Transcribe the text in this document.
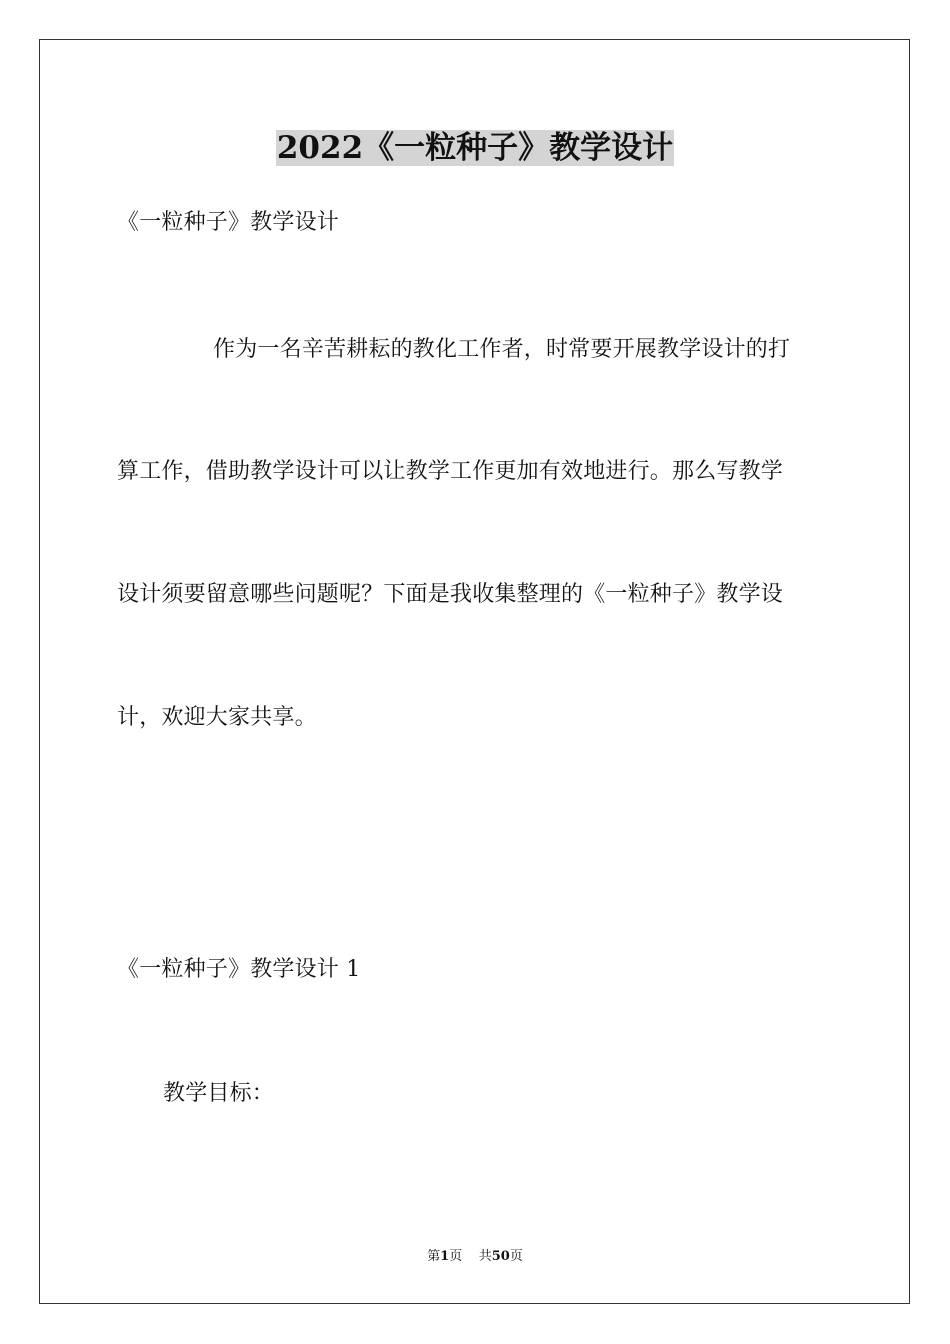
2022《一粒种子》教学设计
《一粒种子》教学设计
作为一名辛苦耕耘的教化工作者，时常要开展教学设计的打
算工作，借助教学设计可以让教学工作更加有效地进行。那么写教学
设计须要留意哪些问题呢？下面是我收集整理的《一粒种子》教学设
计，欢迎大家共享。
《一粒种子》教学设计 1
教学目标：
第1页 共50页
